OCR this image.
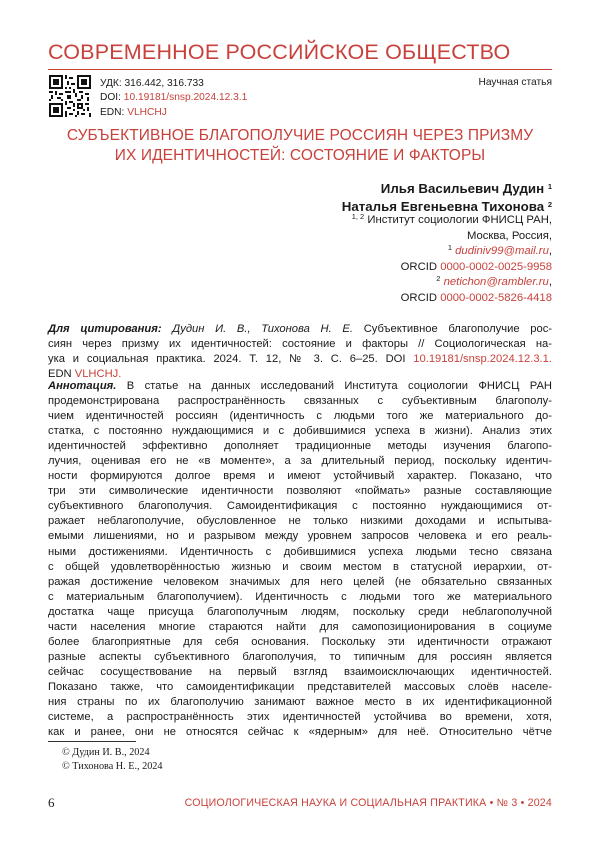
СОВРЕМЕННОЕ РОССИЙСКОЕ ОБЩЕСТВО
УДК: 316.442, 316.733
DOI: 10.19181/snsp.2024.12.3.1
EDN: VLHCHJ
Научная статья
СУБЪЕКТИВНОЕ БЛАГОПОЛУЧИЕ РОССИЯН ЧЕРЕЗ ПРИЗМУ
ИХ ИДЕНТИЧНОСТЕЙ: СОСТОЯНИЕ И ФАКТОРЫ
Илья Васильевич Дудин $^1$
Наталья Евгеньевна Тихонова $^2$
$^{1, 2}$ Институт социологии ФНИСЦ РАН,
Москва, Россия,
$^1$ dudiniv99@mail.ru,
ORCID 0000-0002-0025-9958
$^2$ netichon@rambler.ru,
ORCID 0000-0002-5826-4418
Для цитирования: Дудин И. В., Тихонова Н. Е. Субъективное благополучие рос-
сиян через призму их идентичностей: состояние и факторы // Социологическая на-
ука и социальная практика. 2024. Т. 12, № 3. С. 6–25. DOI 10.19181/snsp.2024.12.3.1.
EDN VLHCHJ.
Аннотация. В статье на данных исследований Института социологии ФНИСЦ РАН
продемонстрирована распространённость связанных с субъективным благополу-
чием идентичностей россиян (идентичность с людьми того же материального до-
статка, с постоянно нуждающимися и с добившимися успеха в жизни). Анализ этих
идентичностей эффективно дополняет традиционные методы изучения благопо-
лучия, оценивая его не «в моменте», а за длительный период, поскольку идентич-
ности формируются долгое время и имеют устойчивый характер. Показано, что
три эти символические идентичности позволяют «поймать» разные составляющие
субъективного благополучия. Самоидентификация с постоянно нуждающимися от-
ражает неблагополучие, обусловленное не только низкими доходами и испытыва-
емыми лишениями, но и разрывом между уровнем запросов человека и его реаль-
ными достижениями. Идентичность с добившимися успеха людьми тесно связана
с общей удовлетворённостью жизнью и своим местом в статусной иерархии, от-
ражая достижение человеком значимых для него целей (не обязательно связанных
с материальным благополучием). Идентичность с людьми того же материального
достатка чаще присуща благополучным людям, поскольку среди неблагополучной
части населения многие стараются найти для самопозиционирования в социуме
более благоприятные для себя основания. Поскольку эти идентичности отражают
разные аспекты субъективного благополучия, то типичным для россиян является
сейчас сосуществование на первый взгляд взаимоисключающих идентичностей.
Показано также, что самоидентификации представителей массовых слоёв населе-
ния страны по их благополучию занимают важное место в их идентификационной
системе, а распространённость этих идентичностей устойчива во времени, хотя,
как и ранее, они не относятся сейчас к «ядерным» для неё. Относительно чётче
© Дудин И. В., 2024
© Тихонова Н. Е., 2024
6	СОЦИОЛОГИЧЕСКАЯ НАУКА И СОЦИАЛЬНАЯ ПРАКТИКА • № 3 • 2024
